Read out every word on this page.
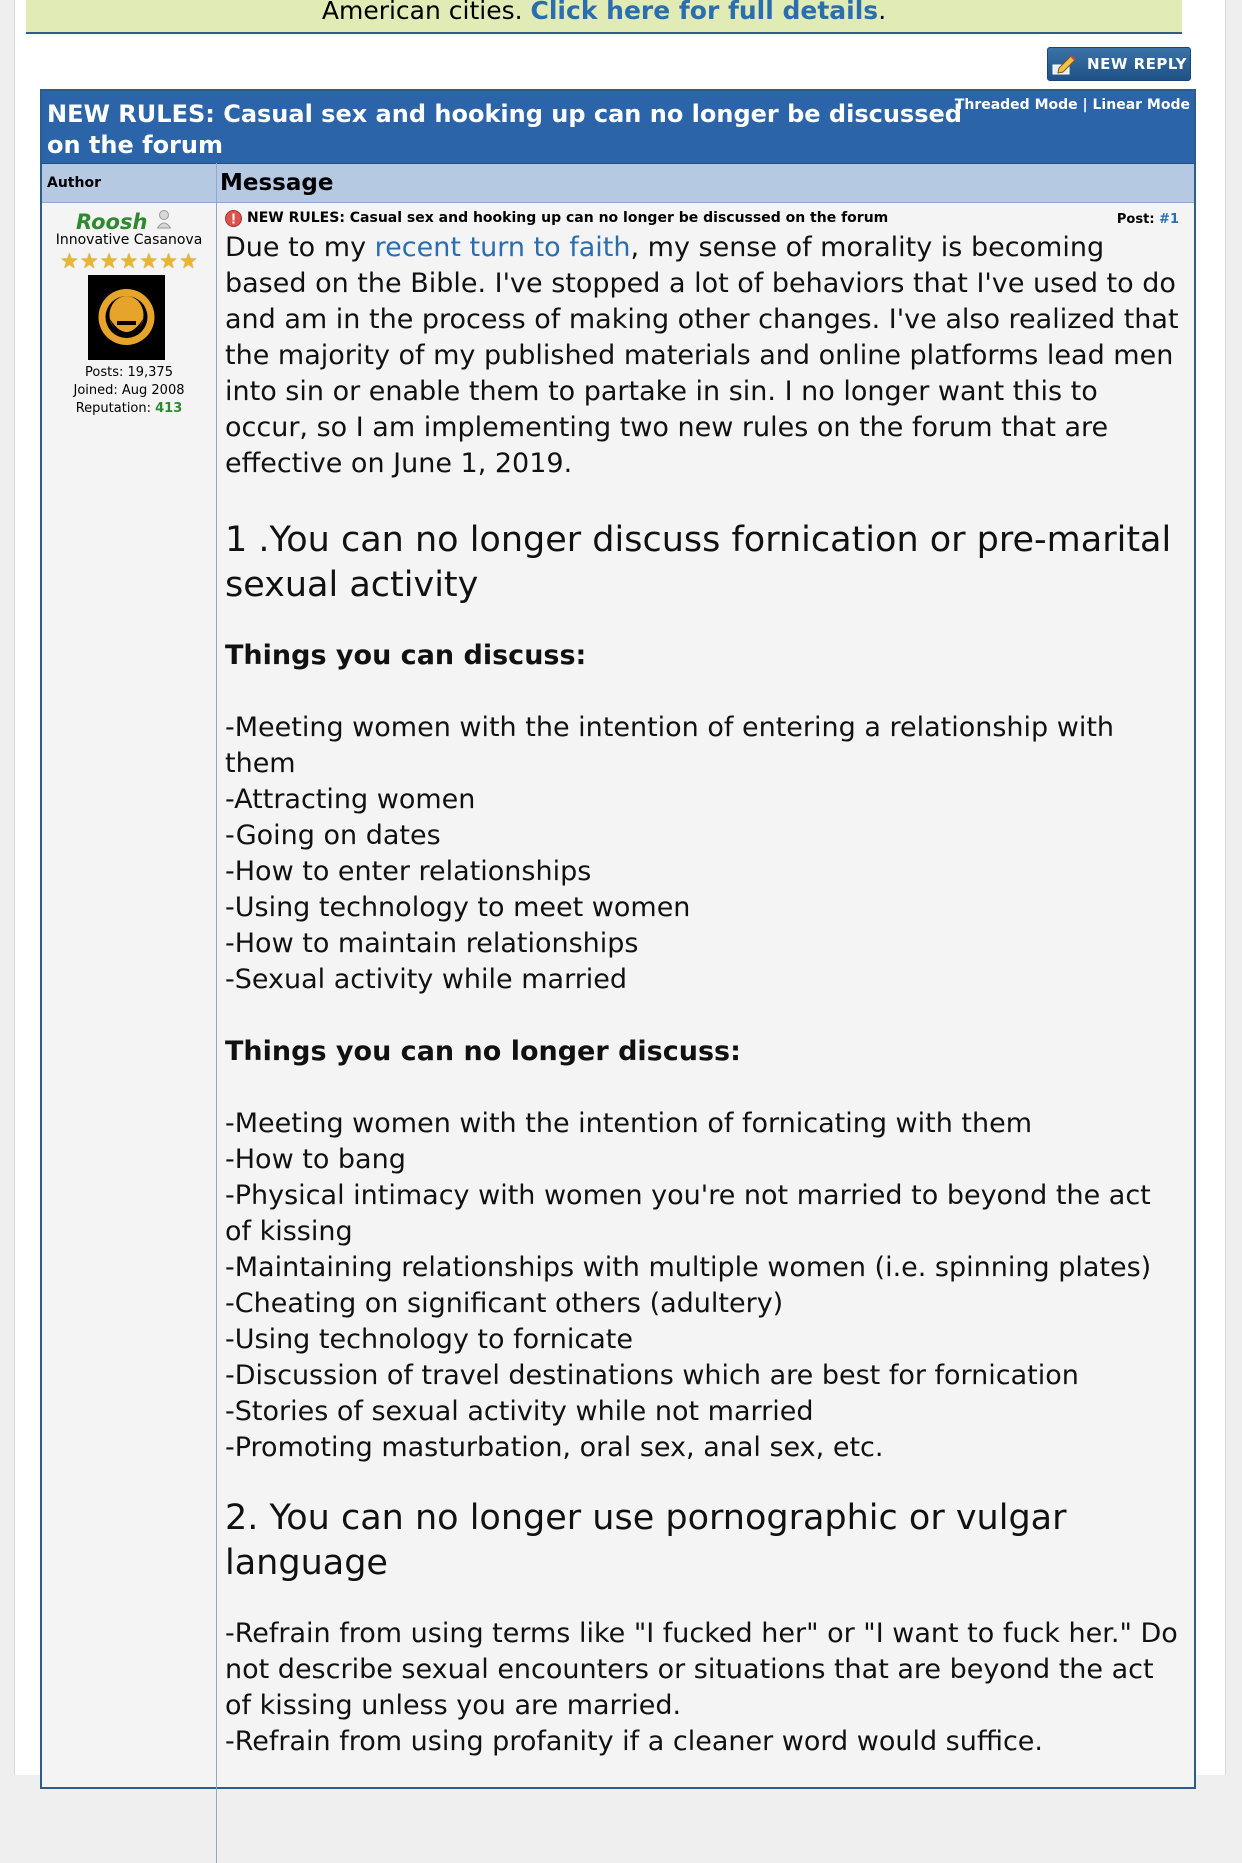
American cities. Click here for full details.
NEW REPLY
NEW RULES: Casual sex and hooking up can no longer be discussed on the forum
Threaded Mode | Linear Mode
Author	Message
Roosh
Innovative Casanova
★ ★ ★ ★ ★ ★ ★
Posts: 19,375
Joined: Aug 2008
Reputation: 413
NEW RULES: Casual sex and hooking up can no longer be discussed on the forum	Post: #1

Due to my recent turn to faith, my sense of morality is becoming based on the Bible. I've stopped a lot of behaviors that I've used to do and am in the process of making other changes. I've also realized that the majority of my published materials and online platforms lead men into sin or enable them to partake in sin. I no longer want this to occur, so I am implementing two new rules on the forum that are effective on June 1, 2019.

1 .You can no longer discuss fornication or pre-marital sexual activity

Things you can discuss:

-Meeting women with the intention of entering a relationship with them

-Attracting women

-Going on dates

-How to enter relationships

-Using technology to meet women

-How to maintain relationships

-Sexual activity while married

Things you can no longer discuss:

-Meeting women with the intention of fornicating with them

-How to bang

-Physical intimacy with women you're not married to beyond the act of kissing

-Maintaining relationships with multiple women (i.e. spinning plates)

-Cheating on significant others (adultery)

-Using technology to fornicate

-Discussion of travel destinations which are best for fornication

-Stories of sexual activity while not married

-Promoting masturbation, oral sex, anal sex, etc.

2. You can no longer use pornographic or vulgar language

-Refrain from using terms like "I fucked her" or "I want to fuck her." Do not describe sexual encounters or situations that are beyond the act of kissing unless you are married.

-Refrain from using profanity if a cleaner word would suffice.
